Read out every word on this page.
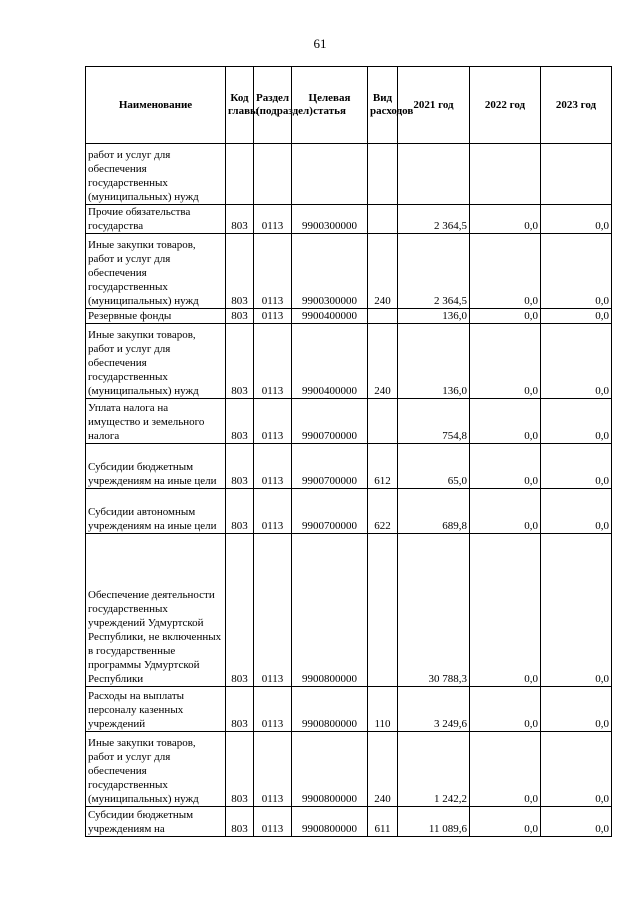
61
Наименование	Код главы	Раздел (подраздел)	Целевая статья	Вид расходов	2021 год	2022 год	2023 год
работ и услуг для обеспечения государственных (муниципальных) нужд							
Прочие обязательства государства	803	0113	9900300000		2 364,5	0,0	0,0
Иные закупки товаров, работ и услуг для обеспечения государственных (муниципальных) нужд	803	0113	9900300000	240	2 364,5	0,0	0,0
Резервные фонды	803	0113	9900400000		136,0	0,0	0,0
Иные закупки товаров, работ и услуг для обеспечения государственных (муниципальных) нужд	803	0113	9900400000	240	136,0	0,0	0,0
Уплата налога на имущество и земельного налога	803	0113	9900700000		754,8	0,0	0,0
Субсидии бюджетным учреждениям на иные цели	803	0113	9900700000	612	65,0	0,0	0,0
Субсидии автономным учреждениям на иные цели	803	0113	9900700000	622	689,8	0,0	0,0
Обеспечение деятельности государственных учреждений Удмуртской Республики, не включенных в государственные программы Удмуртской Республики	803	0113	9900800000		30 788,3	0,0	0,0
Расходы на выплаты персоналу казенных учреждений	803	0113	9900800000	110	3 249,6	0,0	0,0
Иные закупки товаров, работ и услуг для обеспечения государственных (муниципальных) нужд	803	0113	9900800000	240	1 242,2	0,0	0,0
Субсидии бюджетным учреждениям на	803	0113	9900800000	611	11 089,6	0,0	0,0
